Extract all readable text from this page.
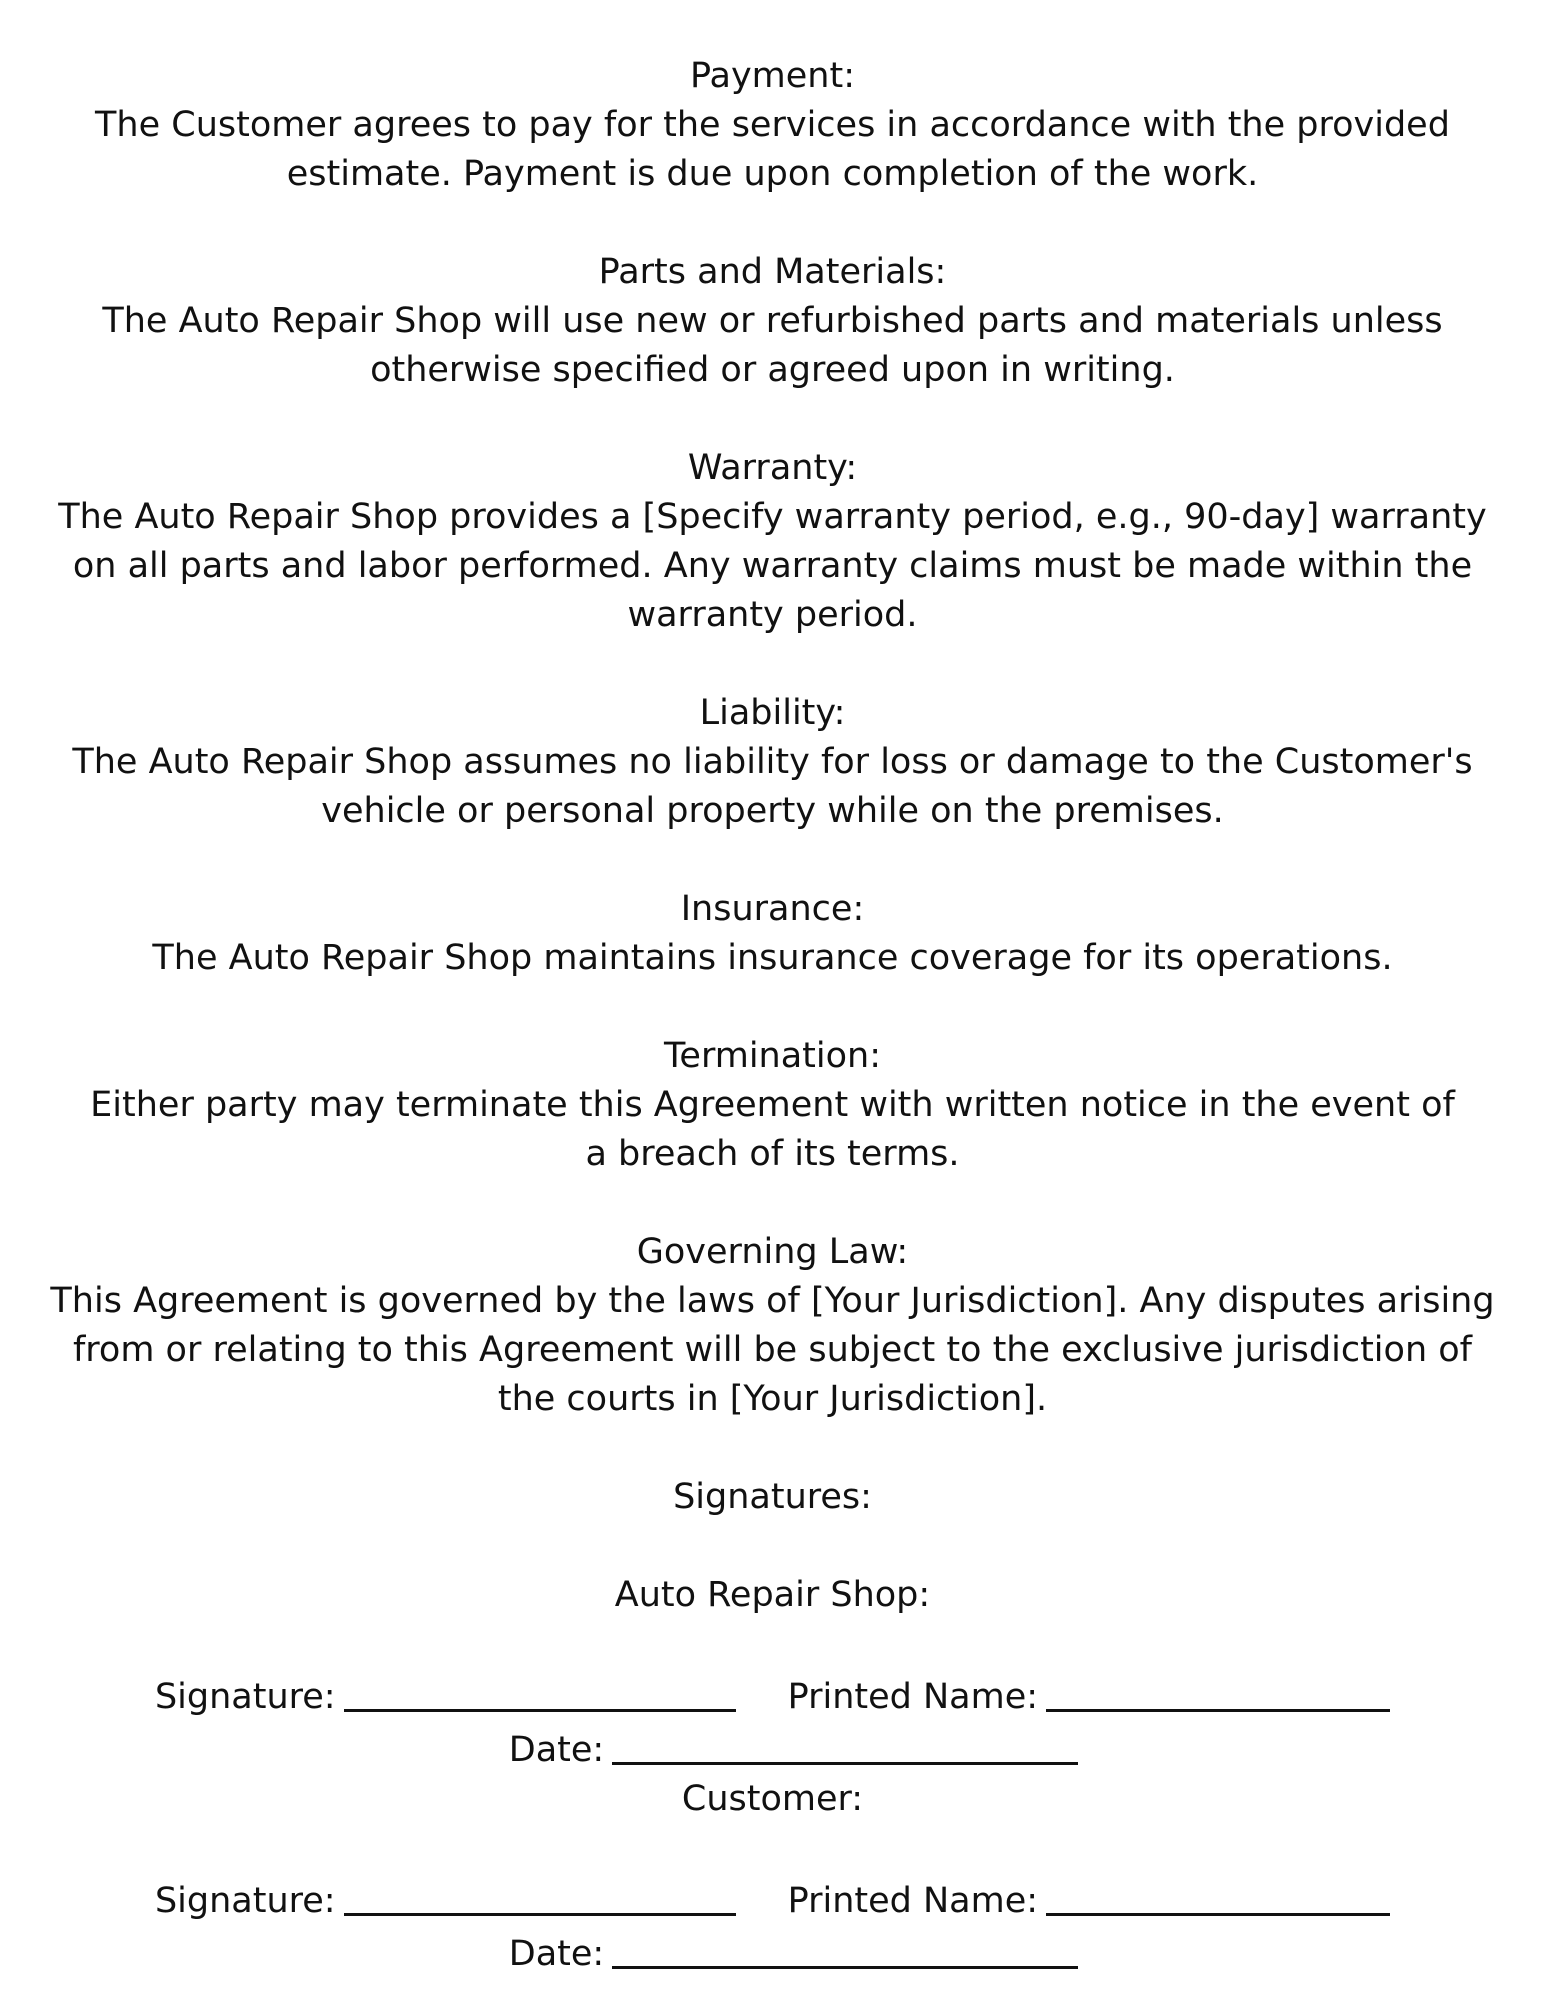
Payment:

The Customer agrees to pay for the services in accordance with the provided estimate. Payment is due upon completion of the work.

Parts and Materials:

The Auto Repair Shop will use new or refurbished parts and materials unless otherwise specified or agreed upon in writing.

Warranty:

The Auto Repair Shop provides a [Specify warranty period, e.g., 90-day] warranty on all parts and labor performed. Any warranty claims must be made within the warranty period.

Liability:

The Auto Repair Shop assumes no liability for loss or damage to the Customer's vehicle or personal property while on the premises.

Insurance:

The Auto Repair Shop maintains insurance coverage for its operations.

Termination:

Either party may terminate this Agreement with written notice in the event of a breach of its terms.

Governing Law:

This Agreement is governed by the laws of [Your Jurisdiction]. Any disputes arising from or relating to this Agreement will be subject to the exclusive jurisdiction of the courts in [Your Jurisdiction].

Signatures:

Auto Repair Shop:

Signature:	Printed Name:
Date:

Customer:

Signature:	Printed Name:
Date:
